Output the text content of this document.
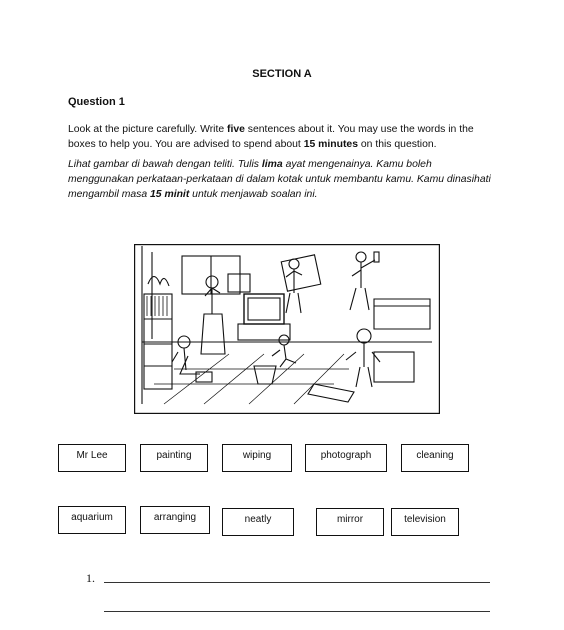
SECTION A
Question 1
Look at the picture carefully. Write five sentences about it. You may use the words in the boxes to help you. You are advised to spend about 15 minutes on this question.
Lihat gambar di bawah dengan teliti. Tulis lima ayat mengenainya. Kamu boleh menggunakan perkataan-perkataan di dalam kotak untuk membantu kamu. Kamu dinasihati mengambil masa 15 minit untuk menjawab soalan ini.
Mr Lee	painting	wiping	photograph	cleaning
aquarium	arranging	neatly	mirror	television
1.
